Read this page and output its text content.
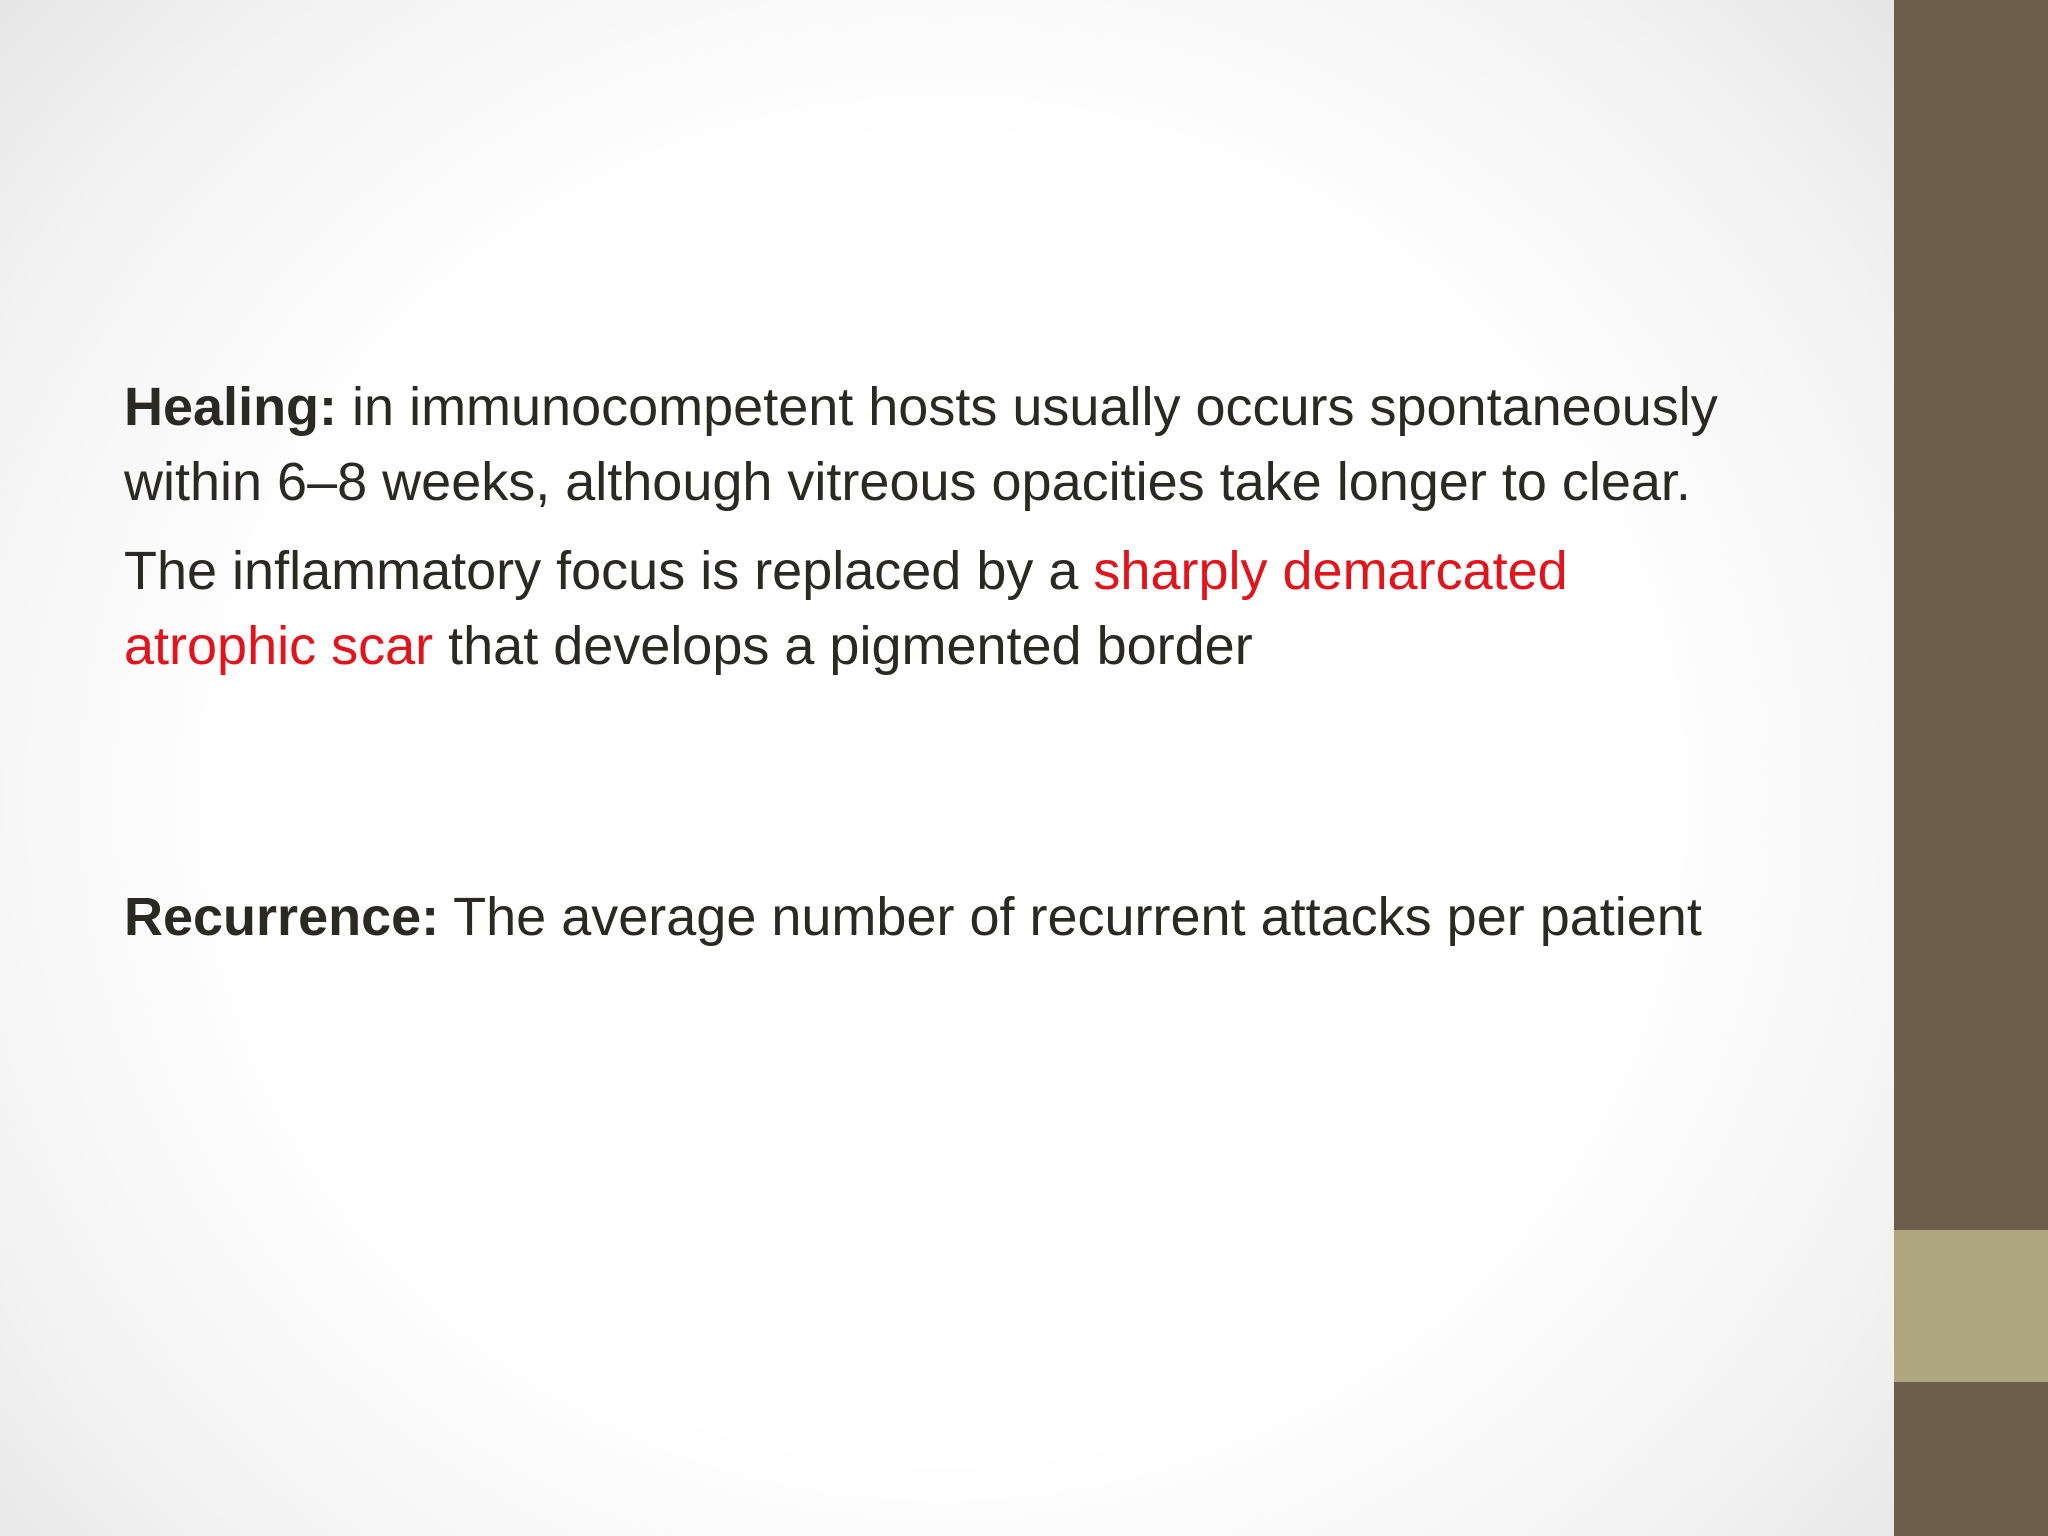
Healing: in immunocompetent hosts usually occurs spontaneously within 6–8 weeks, although vitreous opacities take longer to clear.

The inflammatory focus is replaced by a sharply demarcated atrophic scar that develops a pigmented border

Recurrence: The average number of recurrent attacks per patient
